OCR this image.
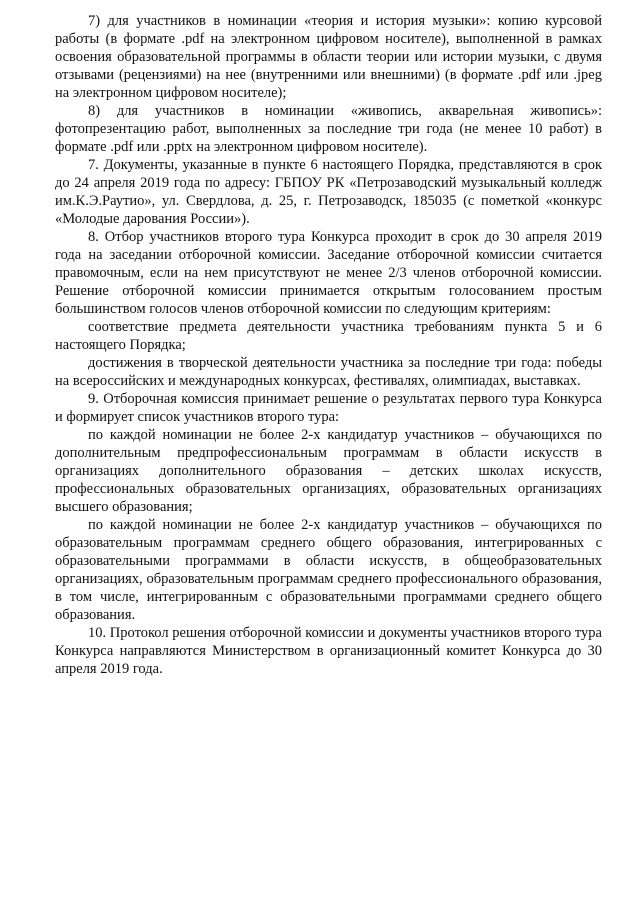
7) для участников в номинации «теория и история музыки»: копию курсовой работы (в формате .pdf на электронном цифровом носителе), выполненной в рамках освоения образовательной программы в области теории или истории музыки, с двумя отзывами (рецензиями) на нее (внутренними или внешними) (в формате .pdf или .jpeg на электронном цифровом носителе);

8) для участников в номинации «живопись, акварельная живопись»: фотопрезентацию работ, выполненных за последние три года (не менее 10 работ) в формате .pdf или .pptx на электронном цифровом носителе).

7. Документы, указанные в пункте 6 настоящего Порядка, представляются в срок до 24 апреля 2019 года по адресу: ГБПОУ РК «Петрозаводский музыкальный колледж им.К.Э.Раутио», ул. Свердлова, д. 25, г. Петрозаводск, 185035 (с пометкой «конкурс «Молодые дарования России»).

8. Отбор участников второго тура Конкурса проходит в срок до 30 апреля 2019 года на заседании отборочной комиссии. Заседание отборочной комиссии считается правомочным, если на нем присутствуют не менее 2/3 членов отборочной комиссии. Решение отборочной комиссии принимается открытым голосованием простым большинством голосов членов отборочной комиссии по следующим критериям:

соответствие предмета деятельности участника требованиям пункта 5 и 6 настоящего Порядка;

достижения в творческой деятельности участника за последние три года: победы на всероссийских и международных конкурсах, фестивалях, олимпиадах, выставках.

9. Отборочная комиссия принимает решение о результатах первого тура Конкурса и формирует список участников второго тура:

по каждой номинации не более 2-х кандидатур участников – обучающихся по дополнительным предпрофессиональным программам в области искусств в организациях дополнительного образования – детских школах искусств, профессиональных образовательных организациях, образовательных организациях высшего образования;

по каждой номинации не более 2-х кандидатур участников – обучающихся по образовательным программам среднего общего образования, интегрированных с образовательными программами в области искусств, в общеобразовательных организациях, образовательным программам среднего профессионального образования, в том числе, интегрированным с образовательными программами среднего общего образования.

10. Протокол решения отборочной комиссии и документы участников второго тура Конкурса направляются Министерством в организационный комитет Конкурса до 30 апреля 2019 года.
